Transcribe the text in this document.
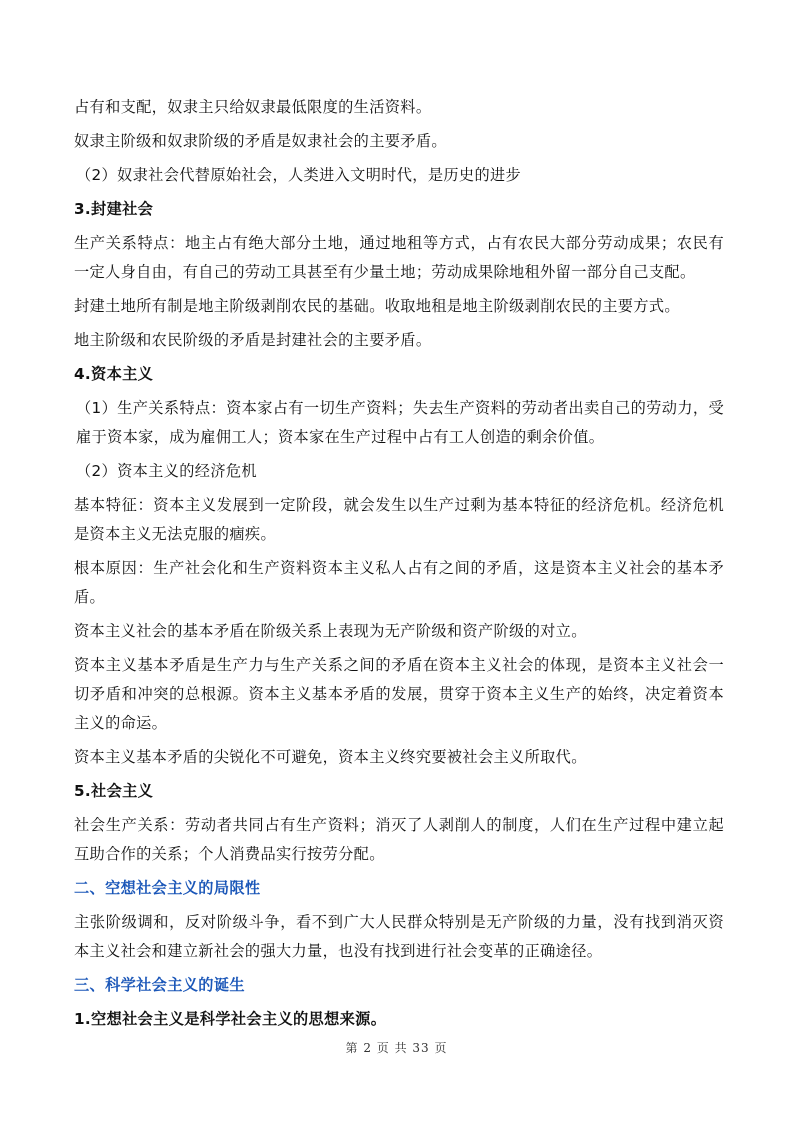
占有和支配，奴隶主只给奴隶最低限度的生活资料。

奴隶主阶级和奴隶阶级的矛盾是奴隶社会的主要矛盾。

（2）奴隶社会代替原始社会，人类进入文明时代，是历史的进步

3.封建社会

生产关系特点：地主占有绝大部分土地，通过地租等方式，占有农民大部分劳动成果；农民有一定人身自由，有自己的劳动工具甚至有少量土地；劳动成果除地租外留一部分自己支配。

封建土地所有制是地主阶级剥削农民的基础。收取地租是地主阶级剥削农民的主要方式。

地主阶级和农民阶级的矛盾是封建社会的主要矛盾。

4.资本主义

（1）生产关系特点：资本家占有一切生产资料；失去生产资料的劳动者出卖自己的劳动力，受雇于资本家，成为雇佣工人；资本家在生产过程中占有工人创造的剩余价值。

（2）资本主义的经济危机

基本特征：资本主义发展到一定阶段，就会发生以生产过剩为基本特征的经济危机。经济危机是资本主义无法克服的痼疾。

根本原因：生产社会化和生产资料资本主义私人占有之间的矛盾，这是资本主义社会的基本矛盾。

资本主义社会的基本矛盾在阶级关系上表现为无产阶级和资产阶级的对立。

资本主义基本矛盾是生产力与生产关系之间的矛盾在资本主义社会的体现，是资本主义社会一切矛盾和冲突的总根源。资本主义基本矛盾的发展，贯穿于资本主义生产的始终，决定着资本主义的命运。

资本主义基本矛盾的尖锐化不可避免，资本主义终究要被社会主义所取代。

5.社会主义

社会生产关系：劳动者共同占有生产资料；消灭了人剥削人的制度，人们在生产过程中建立起互助合作的关系；个人消费品实行按劳分配。

二、空想社会主义的局限性

主张阶级调和，反对阶级斗争，看不到广大人民群众特别是无产阶级的力量，没有找到消灭资本主义社会和建立新社会的强大力量，也没有找到进行社会变革的正确途径。

三、科学社会主义的诞生

1.空想社会主义是科学社会主义的思想来源。

第 2 页 共 33 页
